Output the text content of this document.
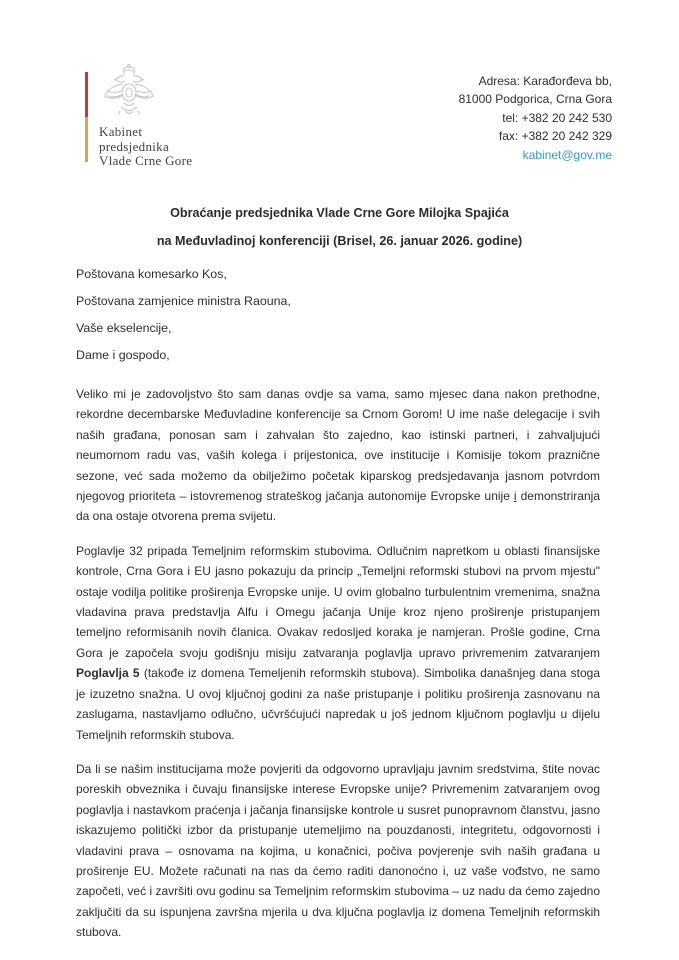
Kabinet
predsjednika
Vlade Crne Gore
Adresa: Karađorđeva bb,
81000 Podgorica, Crna Gora
tel: +382 20 242 530
fax: +382 20 242 329
kabinet@gov.me
Obraćanje predsjednika Vlade Crne Gore Milojka Spajića
na Međuvladinoj konferenciji (Brisel, 26. januar 2026. godine)
Poštovana komesarko Kos,
Poštovana zamjenice ministra Raouna,
Vaše ekselencije,
Dame i gospodo,

Veliko mi je zadovoljstvo što sam danas ovdje sa vama, samo mjesec dana nakon prethodne, rekordne decembarske Međuvladine konferencije sa Crnom Gorom! U ime naše delegacije i svih naših građana, ponosan sam i zahvalan što zajedno, kao istinski partneri, i zahvaljujući neumornom radu vas, vaših kolega i prijestonica, ove institucije i Komisije tokom praznične sezone, već sada možemo da obilježimo početak kiparskog predsjedavanja jasnom potvrdom njegovog prioriteta – istovremenog strateškog jačanja autonomije Evropske unije i demonstriranja da ona ostaje otvorena prema svijetu.

Poglavlje 32 pripada Temeljnim reformskim stubovima. Odlučnim napretkom u oblasti finansijske kontrole, Crna Gora i EU jasno pokazuju da princip „Temeljni reformski stubovi na prvom mjestu" ostaje vodilja politike proširenja Evropske unije. U ovim globalno turbulentnim vremenima, snažna vladavina prava predstavlja Alfu i Omegu jačanja Unije kroz njeno proširenje pristupanjem temeljno reformisanih novih članica. Ovakav redosljed koraka je namjeran. Prošle godine, Crna Gora je započela svoju godišnju misiju zatvaranja poglavlja upravo privremenim zatvaranjem Poglavlja 5 (takođe iz domena Temeljenih reformskih stubova). Simbolika današnjeg dana stoga je izuzetno snažna. U ovoj ključnoj godini za naše pristupanje i politiku proširenja zasnovanu na zaslugama, nastavljamo odlučno, učvršćujući napredak u još jednom ključnom poglavlju u dijelu Temeljnih reformskih stubova.

Da li se našim institucijama može povjeriti da odgovorno upravljaju javnim sredstvima, štite novac poreskih obveznika i čuvaju finansijske interese Evropske unije? Privremenim zatvaranjem ovog poglavlja i nastavkom praćenja i jačanja finansijske kontrole u susret punopravnom članstvu, jasno iskazujemo politički izbor da pristupanje utemeljimo na pouzdanosti, integritetu, odgovornosti i vladavini prava – osnovama na kojima, u konačnici, počiva povjerenje svih naših građana u proširenje EU. Možete računati na nas da ćemo raditi danonoćno i, uz vaše vođstvo, ne samo započeti, već i završiti ovu godinu sa Temeljnim reformskim stubovima – uz nadu da ćemo zajedno zaključiti da su ispunjena završna mjerila u dva ključna poglavlja iz domena Temeljnih reformskih stubova.
